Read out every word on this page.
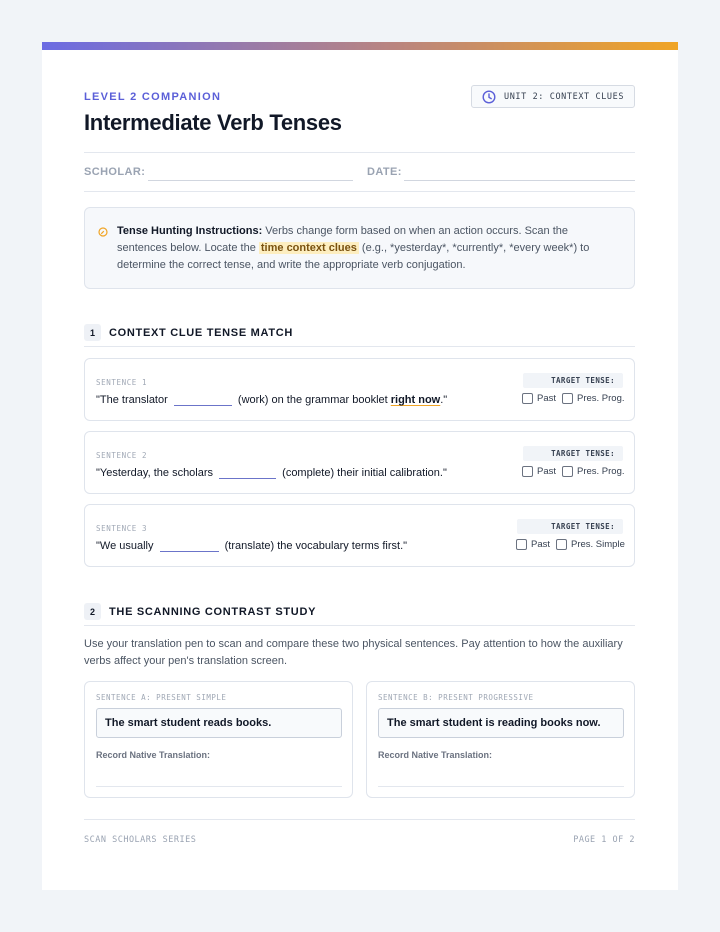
LEVEL 2 COMPANION
Intermediate Verb Tenses
UNIT 2: CONTEXT CLUES
SCHOLAR:	DATE:

Tense Hunting Instructions: Verbs change form based on when an action occurs. Scan the sentences below. Locate the time context clues (e.g., *yesterday*, *currently*, *every week*) to determine the correct tense, and write the appropriate verb conjugation.

1	CONTEXT CLUE TENSE MATCH
SENTENCE 1
"The translator	(work) on the grammar booklet right now."
TARGET TENSE:
Past Pres. Prog.
SENTENCE 2
"Yesterday, the scholars	(complete) their initial calibration."
TARGET TENSE:
Past Pres. Prog.
SENTENCE 3
"We usually	(translate) the vocabulary terms first."
TARGET TENSE:
Past Pres. Simple
2	THE SCANNING CONTRAST STUDY
Use your translation pen to scan and compare these two physical sentences. Pay attention to how the auxiliary verbs affect your pen's translation screen.
SENTENCE A: PRESENT SIMPLE
The smart student reads books.
Record Native Translation:
SENTENCE B: PRESENT PROGRESSIVE
The smart student is reading books now.
Record Native Translation:
SCAN SCHOLARS SERIES	PAGE 1 OF 2
